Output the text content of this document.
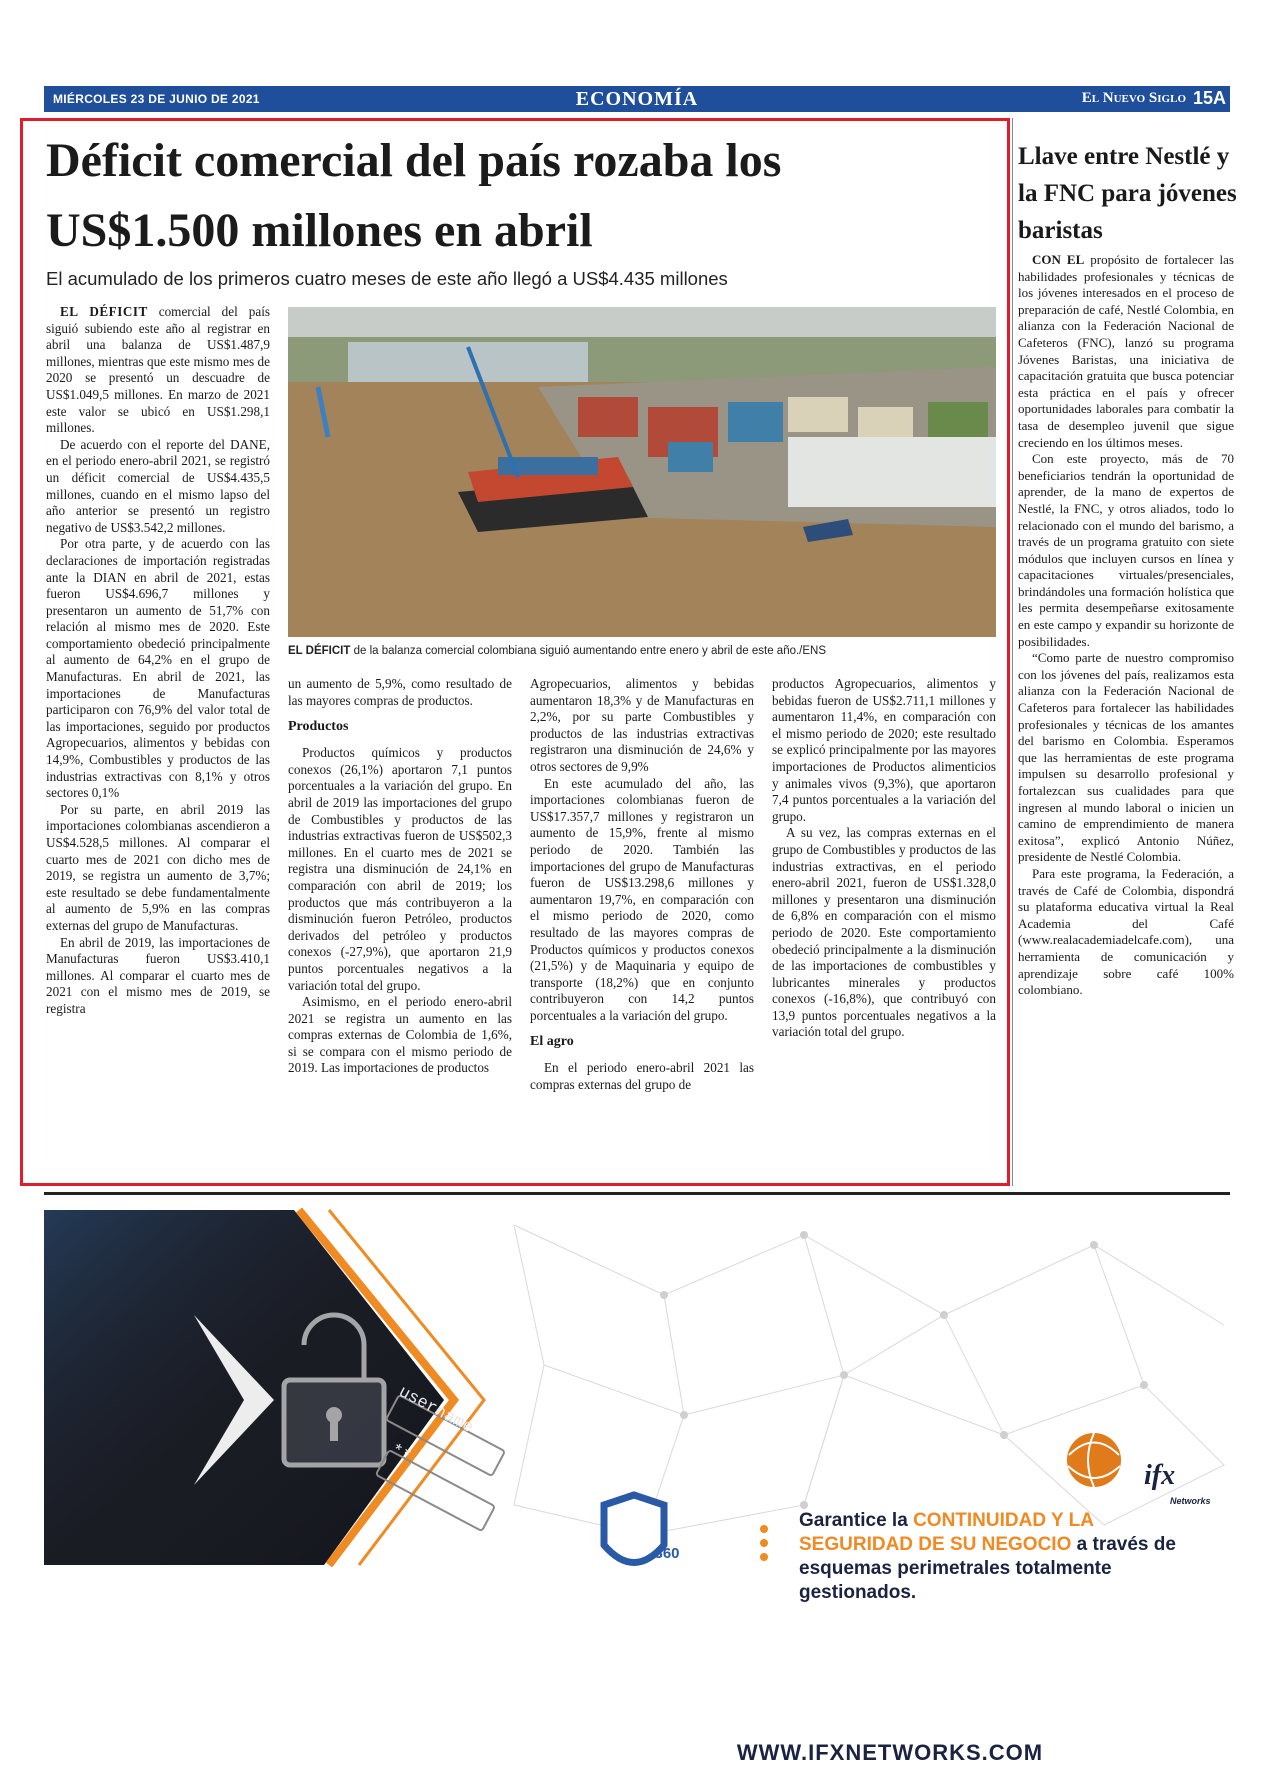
MIÉRCOLES 23 DE JUNIO DE 2021	ECONOMÍA	El Nuevo Siglo 15A
Déficit comercial del país rozaba los US$1.500 millones en abril

El acumulado de los primeros cuatro meses de este año llegó a US$4.435 millones

EL DÉFICIT comercial del país siguió subiendo este año al registrar en abril una balanza de US$1.487,9 millones, mientras que este mismo mes de 2020 se presentó un descuadre de US$1.049,5 millones. En marzo de 2021 este valor se ubicó en US$1.298,1 millones.

De acuerdo con el reporte del DANE, en el periodo enero-abril 2021, se registró un déficit comercial de US$4.435,5 millones, cuando en el mismo lapso del año anterior se presentó un registro negativo de US$3.542,2 millones.

Por otra parte, y de acuerdo con las declaraciones de importación registradas ante la DIAN en abril de 2021, estas fueron US$4.696,7 millones y presentaron un aumento de 51,7% con relación al mismo mes de 2020. Este comportamiento obedeció principalmente al aumento de 64,2% en el grupo de Manufacturas. En abril de 2021, las importaciones de Manufacturas participaron con 76,9% del valor total de las importaciones, seguido por productos Agropecuarios, alimentos y bebidas con 14,9%, Combustibles y productos de las industrias extractivas con 8,1% y otros sectores 0,1%

Por su parte, en abril 2019 las importaciones colombianas ascendieron a US$4.528,5 millones. Al comparar el cuarto mes de 2021 con dicho mes de 2019, se registra un aumento de 3,7%; este resultado se debe fundamentalmente al aumento de 5,9% en las compras externas del grupo de Manufacturas.

En abril de 2019, las importaciones de Manufacturas fueron US$3.410,1 millones. Al comparar el cuarto mes de 2021 con el mismo mes de 2019, se registra

EL DÉFICIT de la balanza comercial colombiana siguió aumentando entre enero y abril de este año./ENS

un aumento de 5,9%, como resultado de las mayores compras de productos.

Productos

Productos químicos y productos conexos (26,1%) aportaron 7,1 puntos porcentuales a la variación del grupo. En abril de 2019 las importaciones del grupo de Combustibles y productos de las industrias extractivas fueron de US$502,3 millones. En el cuarto mes de 2021 se registra una disminución de 24,1% en comparación con abril de 2019; los productos que más contribuyeron a la disminución fueron Petróleo, productos derivados del petróleo y productos conexos (-27,9%), que aportaron 21,9 puntos porcentuales negativos a la variación total del grupo.

Asimismo, en el periodo enero-abril 2021 se registra un aumento en las compras externas de Colombia de 1,6%, si se compara con el mismo periodo de 2019. Las importaciones de productos

Agropecuarios, alimentos y bebidas aumentaron 18,3% y de Manufacturas en 2,2%, por su parte Combustibles y productos de las industrias extractivas registraron una disminución de 24,6% y otros sectores de 9,9%

En este acumulado del año, las importaciones colombianas fueron de US$17.357,7 millones y registraron un aumento de 15,9%, frente al mismo periodo de 2020. También las importaciones del grupo de Manufacturas fueron de US$13.298,6 millones y aumentaron 19,7%, en comparación con el mismo periodo de 2020, como resultado de las mayores compras de Productos químicos y productos conexos (21,5%) y de Maquinaria y equipo de transporte (18,2%) que en conjunto contribuyeron con 14,2 puntos porcentuales a la variación del grupo.

El agro

En el periodo enero-abril 2021 las compras externas del grupo de

productos Agropecuarios, alimentos y bebidas fueron de US$2.711,1 millones y aumentaron 11,4%, en comparación con el mismo periodo de 2020; este resultado se explicó principalmente por las mayores importaciones de Productos alimenticios y animales vivos (9,3%), que aportaron 7,4 puntos porcentuales a la variación del grupo.

A su vez, las compras externas en el grupo de Combustibles y productos de las industrias extractivas, en el periodo enero-abril 2021, fueron de US$1.328,0 millones y presentaron una disminución de 6,8% en comparación con el mismo periodo de 2020. Este comportamiento obedeció principalmente a la disminución de las importaciones de combustibles y lubricantes minerales y productos conexos (-16,8%), que contribuyó con 13,9 puntos porcentuales negativos a la variación total del grupo.

Llave entre Nestlé y la FNC para jóvenes baristas

CON EL propósito de fortalecer las habilidades profesionales y técnicas de los jóvenes interesados en el proceso de preparación de café, Nestlé Colombia, en alianza con la Federación Nacional de Cafeteros (FNC), lanzó su programa Jóvenes Baristas, una iniciativa de capacitación gratuita que busca potenciar esta práctica en el país y ofrecer oportunidades laborales para combatir la tasa de desempleo juvenil que sigue creciendo en los últimos meses.

Con este proyecto, más de 70 beneficiarios tendrán la oportunidad de aprender, de la mano de expertos de Nestlé, la FNC, y otros aliados, todo lo relacionado con el mundo del barismo, a través de un programa gratuito con siete módulos que incluyen cursos en línea y capacitaciones virtuales/presenciales, brindándoles una formación holística que les permita desempeñarse exitosamente en este campo y expandir su horizonte de posibilidades.

“Como parte de nuestro compromiso con los jóvenes del país, realizamos esta alianza con la Federación Nacional de Cafeteros para fortalecer las habilidades profesionales y técnicas de los amantes del barismo en Colombia. Esperamos que las herramientas de este programa impulsen su desarrollo profesional y fortalezcan sus cualidades para que ingresen al mundo laboral o inicien un camino de emprendimiento de manera exitosa”, explicó Antonio Núñez, presidente de Nestlé Colombia.

Para este programa, la Federación, a través de Café de Colombia, dispondrá su plataforma educativa virtual la Real Academia del Café (www.realacademiadelcafe.com), una herramienta de comunicación y aprendizaje sobre café 100% colombiano.

username
**
360
ifx
Networks

Garantice la CONTINUIDAD Y LA SEGURIDAD DE SU NEGOCIO a través de esquemas perimetrales totalmente gestionados.

WWW.IFXNETWORKS.COM
